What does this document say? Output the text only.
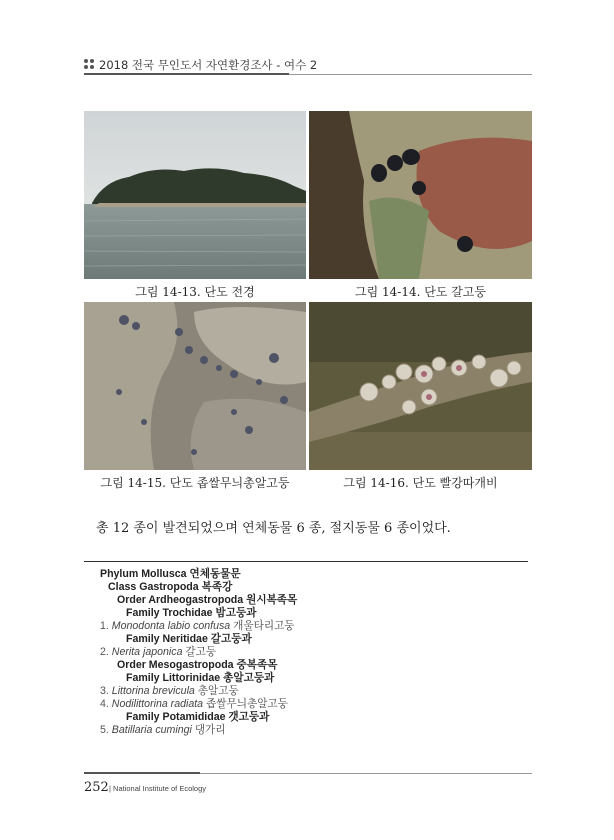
2018 전국 무인도서 자연환경조사 - 여수 2
그림 14-13. 단도 전경	그림 14-14. 단도 갈고둥
그림 14-15. 단도 좁쌀무늬총알고둥	그림 14-16. 단도 빨강따개비
총 12 종이 발견되었으며 연체동물 6 종, 절지동물 6 종이었다.
Phylum Mollusca 연체동물문
Class Gastropoda 복족강
Order Ardheogastropoda 원시복족목
Family Trochidae 밤고둥과
1. Monodonta labio confusa 개울타리고둥
Family Neritidae 갈고둥과
2. Nerita japonica 갈고둥
Order Mesogastropoda 중복족목
Family Littorinidae 총알고둥과
3. Littorina brevicula 총알고둥
4. Nodilittorina radiata 좁쌀무늬총알고둥
Family Potamididae 갯고둥과
5. Batillaria cumingi 댕가리
252 | National Institute of Ecology
